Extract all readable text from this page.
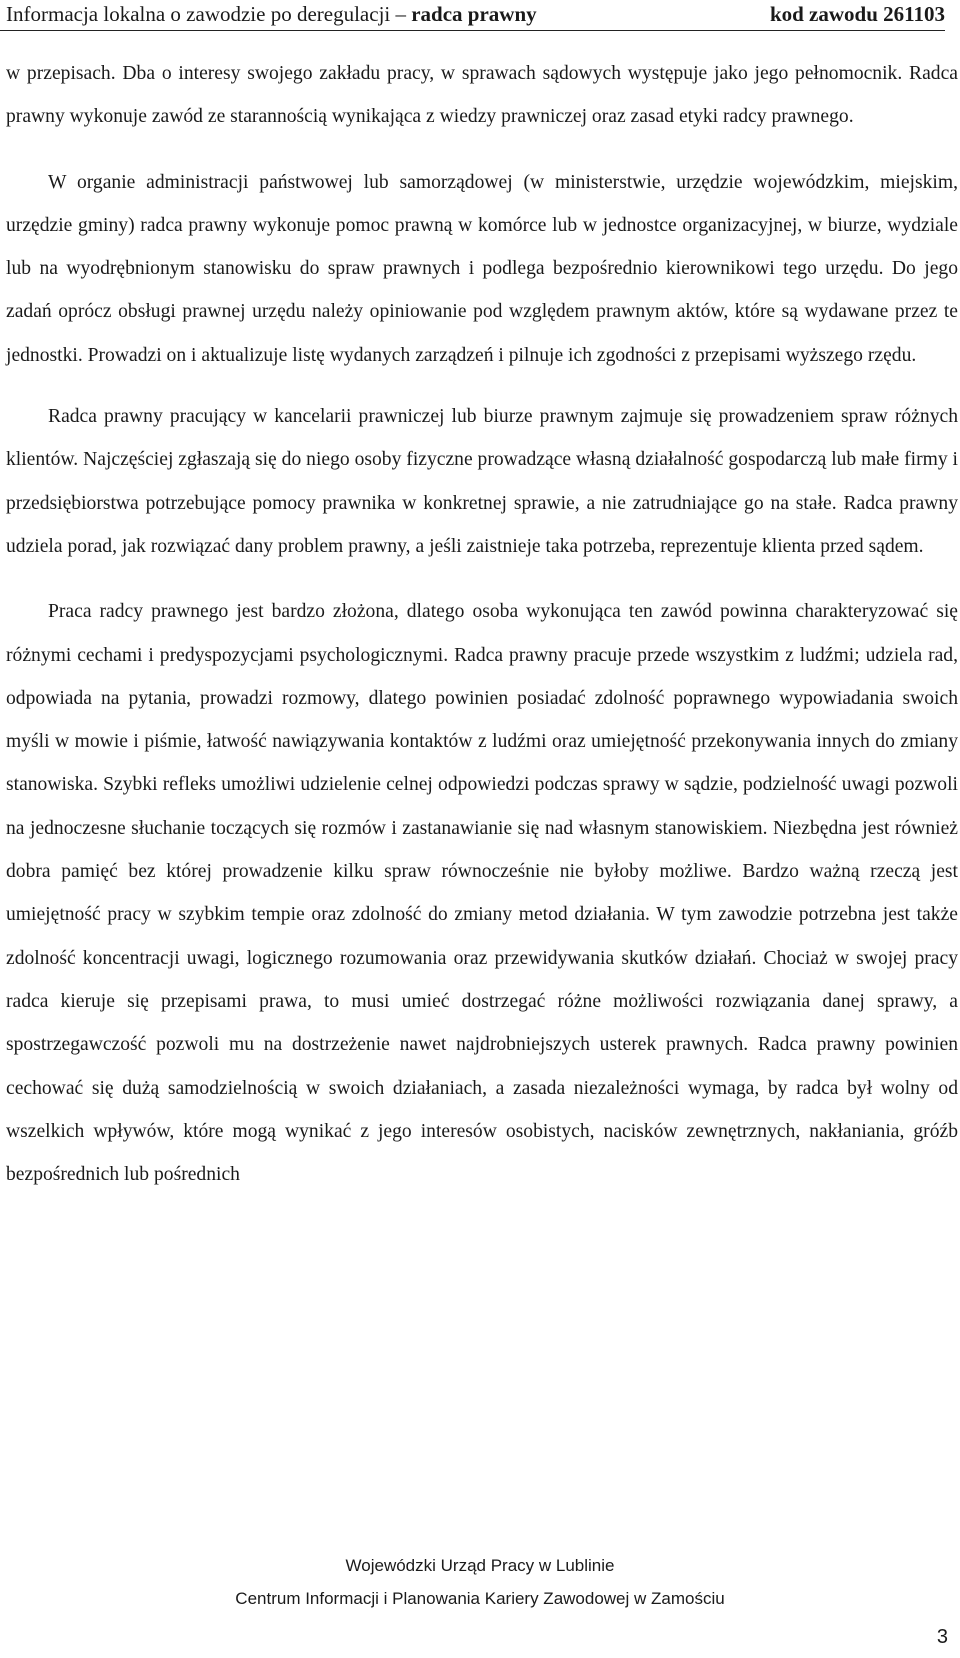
Informacja lokalna o zawodzie po deregulacji – radca prawny	kod zawodu 261103

w przepisach. Dba o interesy swojego zakładu pracy, w sprawach sądowych występuje jako jego pełnomocnik. Radca prawny wykonuje zawód ze starannością wynikająca z wiedzy prawniczej oraz zasad etyki radcy prawnego.

W organie administracji państwowej lub samorządowej (w ministerstwie, urzędzie wojewódzkim, miejskim, urzędzie gminy) radca prawny wykonuje pomoc prawną w komórce lub w jednostce organizacyjnej, w biurze, wydziale lub na wyodrębnionym stanowisku do spraw prawnych i podlega bezpośrednio kierownikowi tego urzędu. Do jego zadań oprócz obsługi prawnej urzędu należy opiniowanie pod względem prawnym aktów, które są wydawane przez te jednostki. Prowadzi on i aktualizuje listę wydanych zarządzeń i pilnuje ich zgodności z przepisami wyższego rzędu.

Radca prawny pracujący w kancelarii prawniczej lub biurze prawnym zajmuje się prowadzeniem spraw różnych klientów. Najczęściej zgłaszają się do niego osoby fizyczne prowadzące własną działalność gospodarczą lub małe firmy i przedsiębiorstwa potrzebujące pomocy prawnika w konkretnej sprawie, a nie zatrudniające go na stałe. Radca prawny udziela porad, jak rozwiązać dany problem prawny, a jeśli zaistnieje taka potrzeba, reprezentuje klienta przed sądem.

Praca radcy prawnego jest bardzo złożona, dlatego osoba wykonująca ten zawód powinna charakteryzować się różnymi cechami i predyspozycjami psychologicznymi. Radca prawny pracuje przede wszystkim z ludźmi; udziela rad, odpowiada na pytania, prowadzi rozmowy, dlatego powinien posiadać zdolność poprawnego wypowiadania swoich myśli w mowie i piśmie, łatwość nawiązywania kontaktów z ludźmi oraz umiejętność przekonywania innych do zmiany stanowiska. Szybki refleks umożliwi udzielenie celnej odpowiedzi podczas sprawy w sądzie, podzielność uwagi pozwoli na jednoczesne słuchanie toczących się rozmów i zastanawianie się nad własnym stanowiskiem. Niezbędna jest również dobra pamięć bez której prowadzenie kilku spraw równocześnie nie byłoby możliwe. Bardzo ważną rzeczą jest umiejętność pracy w szybkim tempie oraz zdolność do zmiany metod działania. W tym zawodzie potrzebna jest także zdolność koncentracji uwagi, logicznego rozumowania oraz przewidywania skutków działań. Chociaż w swojej pracy radca kieruje się przepisami prawa, to musi umieć dostrzegać różne możliwości rozwiązania danej sprawy, a spostrzegawczość pozwoli mu na dostrzeżenie nawet najdrobniejszych usterek prawnych. Radca prawny powinien cechować się dużą samodzielnością w swoich działaniach, a zasada niezależności wymaga, by radca był wolny od wszelkich wpływów, które mogą wynikać z jego interesów osobistych, nacisków zewnętrznych, nakłaniania, gróźb bezpośrednich lub pośrednich

Wojewódzki Urząd Pracy w Lublinie
Centrum Informacji i Planowania Kariery Zawodowej w Zamościu
3
